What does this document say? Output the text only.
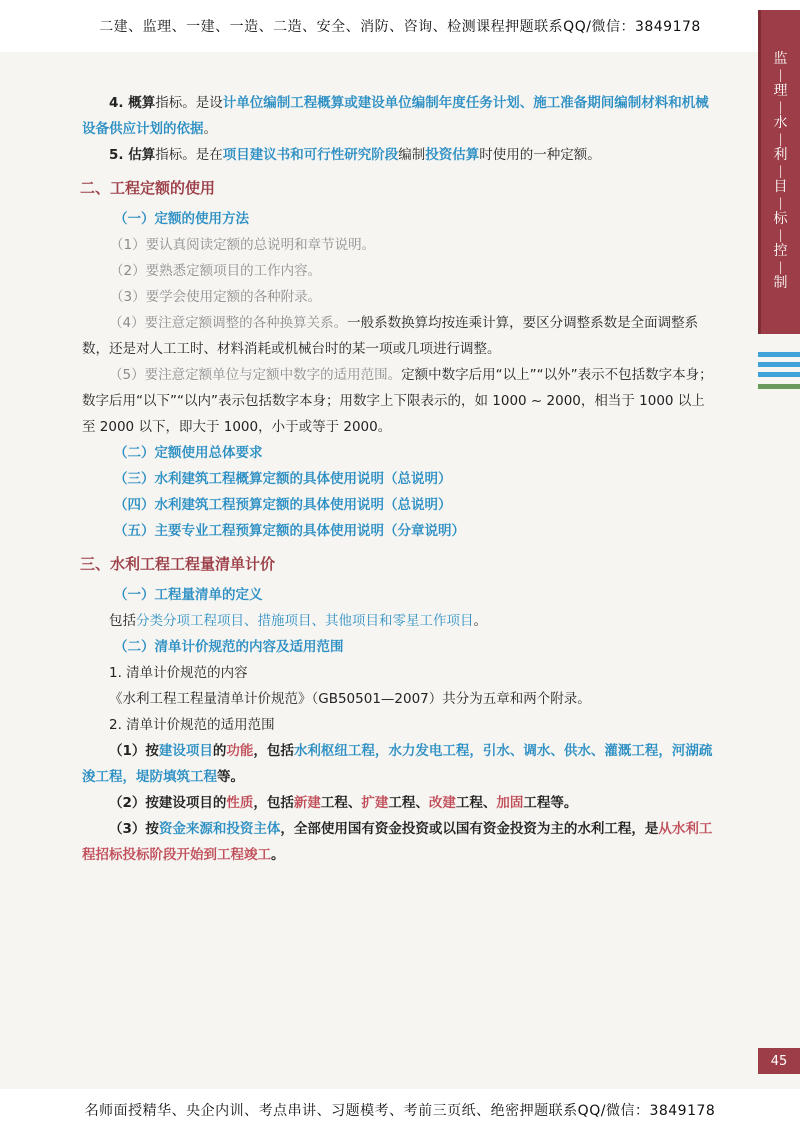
二建、监理、一建、一造、二造、安全、消防、咨询、检测课程押题联系QQ/微信：3849178
监
|
理
|
水
|
利
|
目
|
标
|
控
|
制

4. 概算指标。是设计单位编制工程概算或建设单位编制年度任务计划、施工准备期间编制材料和机械设备供应计划的依据。

5. 估算指标。是在项目建议书和可行性研究阶段编制投资估算时使用的一种定额。

二、工程定额的使用

（一）定额的使用方法

（1）要认真阅读定额的总说明和章节说明。

（2）要熟悉定额项目的工作内容。

（3）要学会使用定额的各种附录。

（4）要注意定额调整的各种换算关系。一般系数换算均按连乘计算，要区分调整系数是全面调整系数，还是对人工工时、材料消耗或机械台时的某一项或几项进行调整。

（5）要注意定额单位与定额中数字的适用范围。定额中数字后用“以上”“以外”表示不包括数字本身；数字后用“以下”“以内”表示包括数字本身；用数字上下限表示的，如 1000 ~ 2000，相当于 1000 以上至 2000 以下，即大于 1000，小于或等于 2000。

（二）定额使用总体要求

（三）水利建筑工程概算定额的具体使用说明（总说明）

（四）水利建筑工程预算定额的具体使用说明（总说明）

（五）主要专业工程预算定额的具体使用说明（分章说明）

三、水利工程工程量清单计价

（一）工程量清单的定义

包括分类分项工程项目、措施项目、其他项目和零星工作项目。

（二）清单计价规范的内容及适用范围

1. 清单计价规范的内容

《水利工程工程量清单计价规范》（GB50501—2007）共分为五章和两个附录。

2. 清单计价规范的适用范围

（1）按建设项目的功能，包括水利枢纽工程，水力发电工程，引水、调水、供水、灌溉工程，河湖疏浚工程，堤防填筑工程等。

（2）按建设项目的性质，包括新建工程、扩建工程、改建工程、加固工程等。

（3）按资金来源和投资主体，全部使用国有资金投资或以国有资金投资为主的水利工程，是从水利工程招标投标阶段开始到工程竣工。

45
名师面授精华、央企内训、考点串讲、习题模考、考前三页纸、绝密押题联系QQ/微信：3849178
